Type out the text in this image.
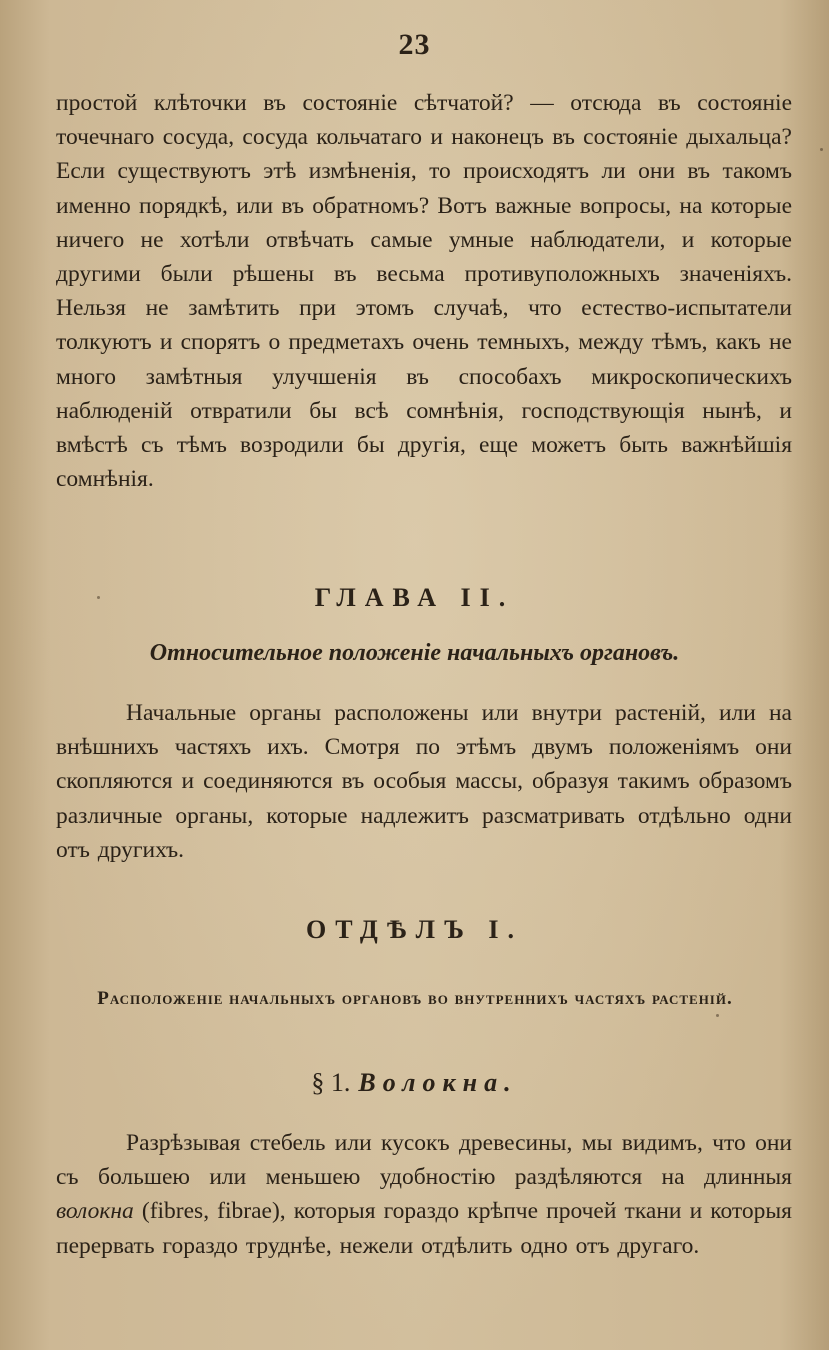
23

простой клѣточки въ состояніе сѣтчатой? — отсюда въ состояніе точечнаго сосуда, сосуда кольчатаго и наконецъ въ состояніе дыхальца? Если существуютъ этѣ измѣненія, то происходятъ ли они въ такомъ именно порядкѣ, или въ обратномъ? Вотъ важные вопросы, на которые ничего не хотѣли отвѣчать самые умные наблюдатели, и которые другими были рѣшены въ весьма противуположныхъ значеніяхъ. Нельзя не замѣтить при этомъ случаѣ, что естество-испытатели толкуютъ и спорятъ о предметахъ очень темныхъ, между тѣмъ, какъ не много замѣтныя улучшенія въ способахъ микроскопическихъ наблюденій отвратили бы всѣ сомнѣнія, господствующія нынѣ, и вмѣстѣ съ тѣмъ возродили бы другія, еще можетъ быть важнѣйшія сомнѣнія.

ГЛАВА II.
Относительное положеніе начальныхъ органовъ.

Начальные органы расположены или внутри растеній, или на внѣшнихъ частяхъ ихъ. Смотря по этѣмъ двумъ положеніямъ они скопляются и соединяются въ особыя массы, образуя такимъ образомъ различные органы, которые надлежитъ разсматривать отдѣльно одни отъ другихъ.

ОТДѢЛЪ I.
Расположеніе начальныхъ органовъ во внутреннихъ частяхъ растеній.
§ 1. Волокна.

Разрѣзывая стебель или кусокъ древесины, мы видимъ, что они съ большею или меньшею удобностію раздѣляются на длинныя волокна (fibres, fibrae), которыя гораздо крѣпче прочей ткани и которыя перервать гораздо труднѣе, нежели отдѣлить одно отъ другаго.
